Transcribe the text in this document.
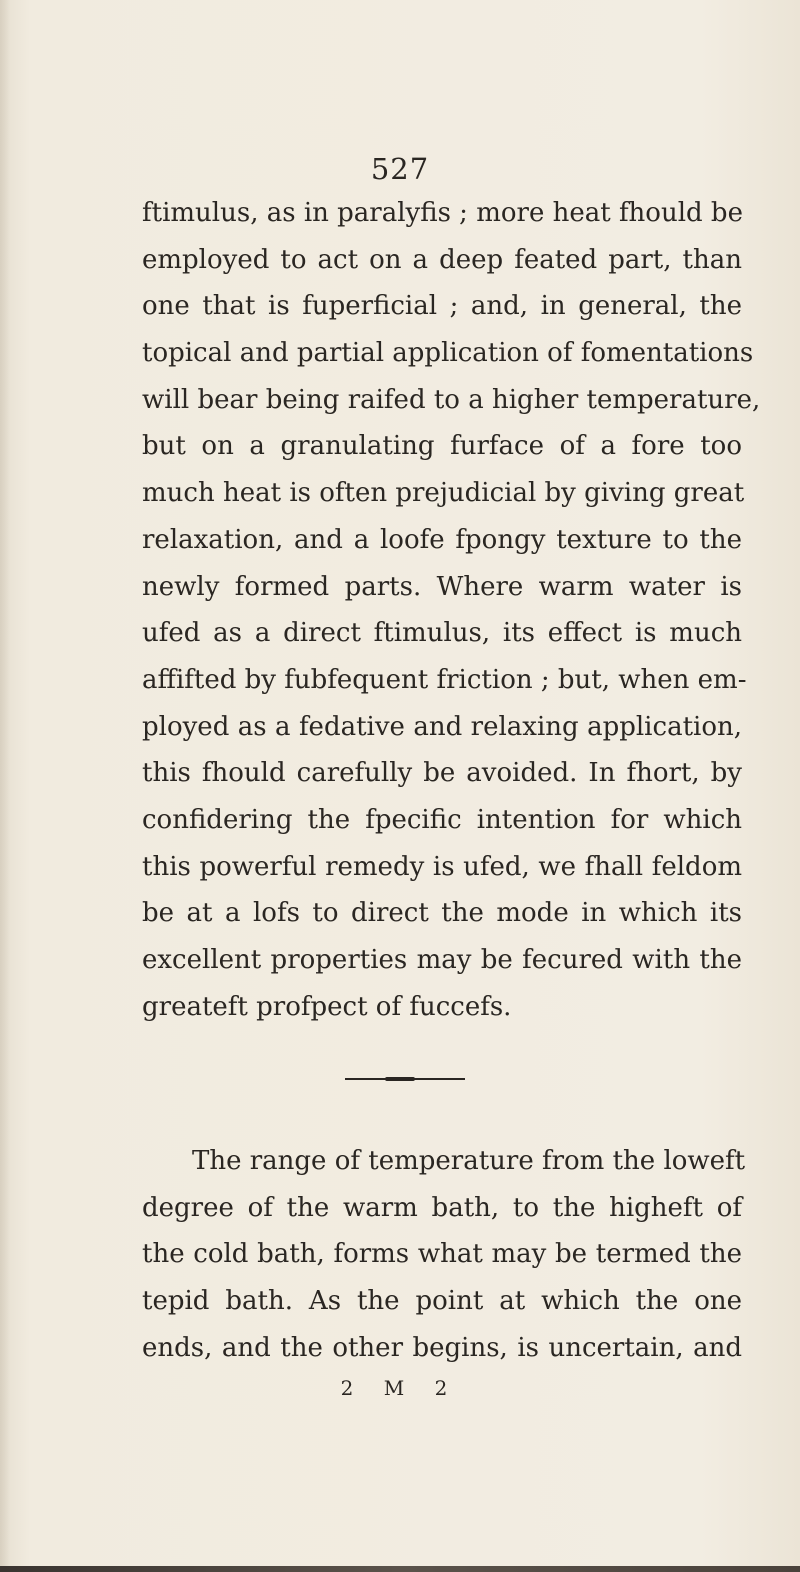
527
ftimulus, as in paralyfis ; more heat fhould be
employed to act on a deep feated part, than
one that is fuperficial ; and, in general, the
topical and partial application of fomentations
will bear being raifed to a higher temperature,
but on a granulating furface of a fore too
much heat is often prejudicial by giving great
relaxation, and a loofe fpongy texture to the
newly formed parts. Where warm water is
ufed as a direct ftimulus, its effect is much
affifted by fubfequent friction ; but, when em-
ployed as a fedative and relaxing application,
this fhould carefully be avoided. In fhort, by
confidering the fpecific intention for which
this powerful remedy is ufed, we fhall feldom
be at a lofs to direct the mode in which its
excellent properties may be fecured with the
greateft profpect of fuccefs.
The range of temperature from the loweft
degree of the warm bath, to the higheft of
the cold bath, forms what may be termed the
tepid bath. As the point at which the one
ends, and the other begins, is uncertain, and
2 M 2
